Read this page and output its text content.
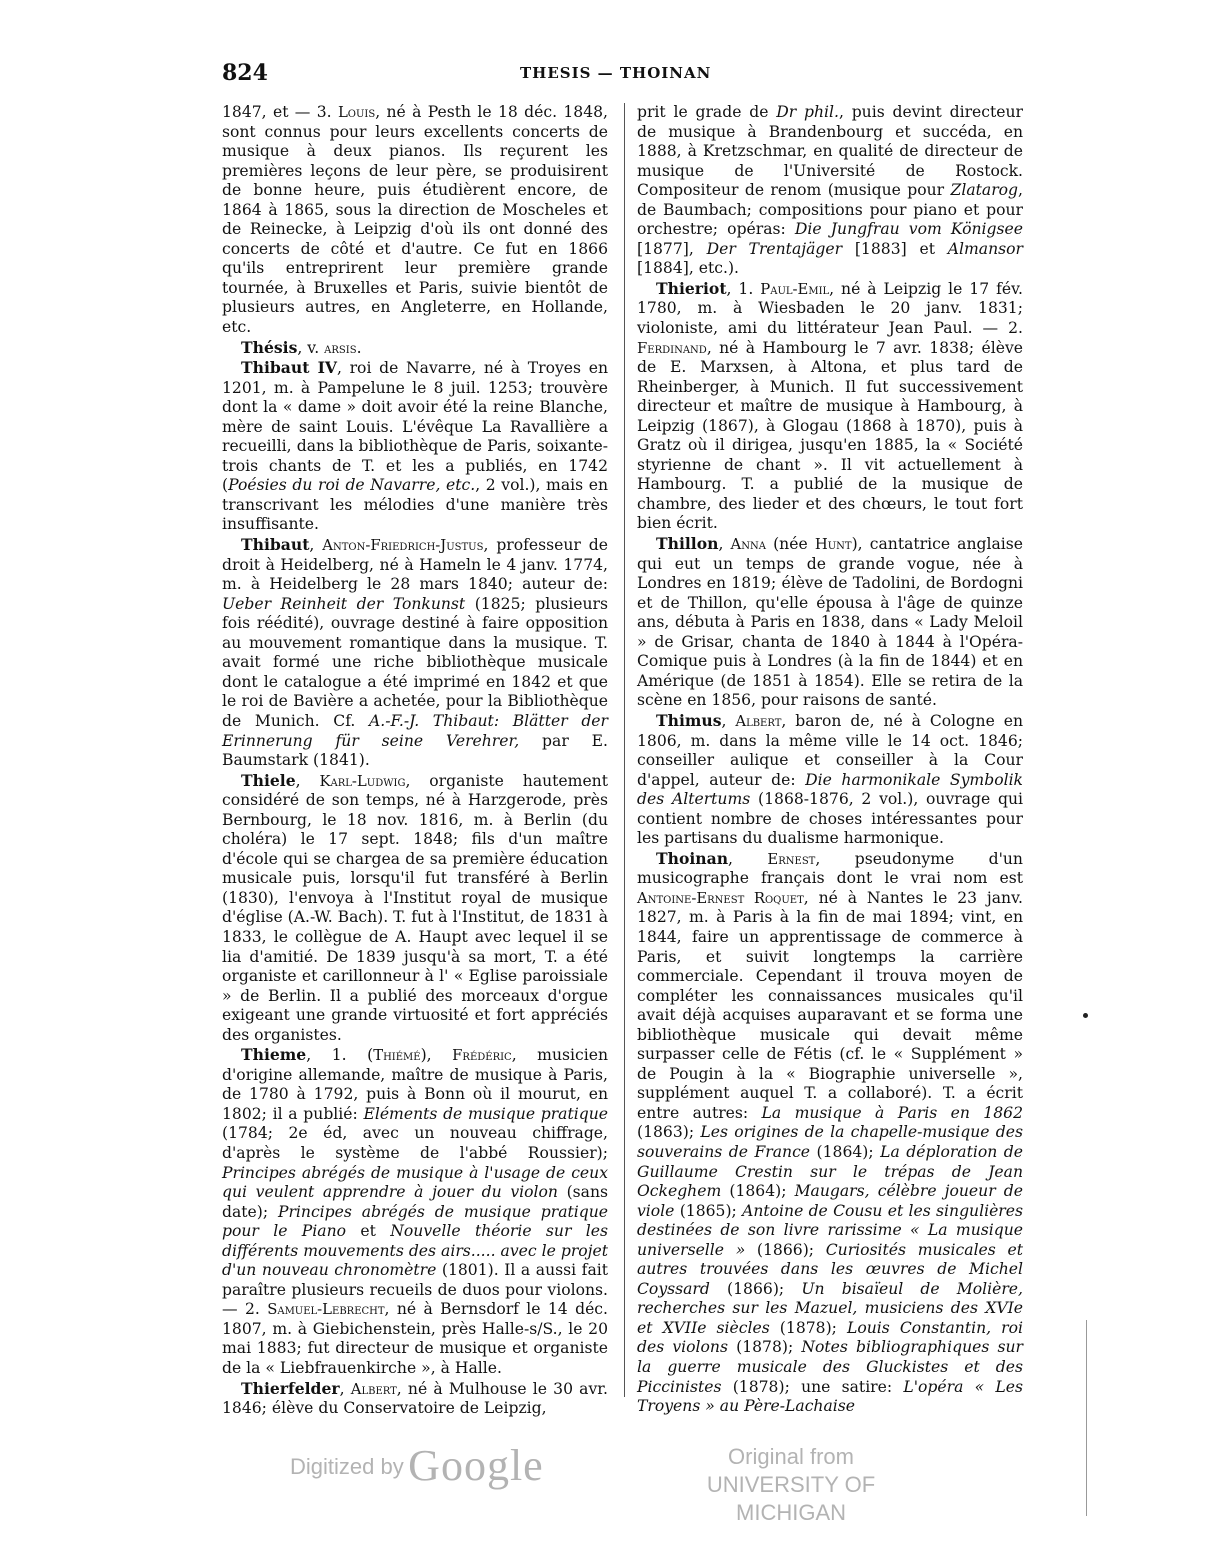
824	THESIS — THOINAN

1847, et — 3. Louis, né à Pesth le 18 déc. 1848, sont connus pour leurs excellents concerts de musique à deux pianos. Ils reçurent les premières leçons de leur père, se produisirent de bonne heure, puis étudièrent encore, de 1864 à 1865, sous la direction de Moscheles et de Reinecke, à Leipzig d'où ils ont donné des concerts de côté et d'autre. Ce fut en 1866 qu'ils entreprirent leur première grande tournée, à Bruxelles et Paris, suivie bientôt de plusieurs autres, en Angleterre, en Hollande, etc.

Thésis, v. arsis.

Thibaut IV, roi de Navarre, né à Troyes en 1201, m. à Pampelune le 8 juil. 1253; trouvère dont la « dame » doit avoir été la reine Blanche, mère de saint Louis. L'évêque La Ravallière a recueilli, dans la bibliothèque de Paris, soixante-trois chants de T. et les a publiés, en 1742 (Poésies du roi de Navarre, etc., 2 vol.), mais en transcrivant les mélodies d'une manière très insuffisante.

Thibaut, Anton-Friedrich-Justus, professeur de droit à Heidelberg, né à Hameln le 4 janv. 1774, m. à Heidelberg le 28 mars 1840; auteur de: Ueber Reinheit der Tonkunst (1825; plusieurs fois réédité), ouvrage destiné à faire opposition au mouvement romantique dans la musique. T. avait formé une riche bibliothèque musicale dont le catalogue a été imprimé en 1842 et que le roi de Bavière a achetée, pour la Bibliothèque de Munich. Cf. A.-F.-J. Thibaut: Blätter der Erinnerung für seine Verehrer, par E. Baumstark (1841).

Thiele, Karl-Ludwig, organiste hautement considéré de son temps, né à Harzgerode, près Bernbourg, le 18 nov. 1816, m. à Berlin (du choléra) le 17 sept. 1848; fils d'un maître d'école qui se chargea de sa première éducation musicale puis, lorsqu'il fut transféré à Berlin (1830), l'envoya à l'Institut royal de musique d'église (A.-W. Bach). T. fut à l'Institut, de 1831 à 1833, le collègue de A. Haupt avec lequel il se lia d'amitié. De 1839 jusqu'à sa mort, T. a été organiste et carillonneur à l' « Eglise paroissiale » de Berlin. Il a publié des morceaux d'orgue exigeant une grande virtuosité et fort appréciés des organistes.

Thieme, 1. (Thiémé), Frédéric, musicien d'origine allemande, maître de musique à Paris, de 1780 à 1792, puis à Bonn où il mourut, en 1802; il a publié: Eléments de musique pratique (1784; 2e éd, avec un nouveau chiffrage, d'après le système de l'abbé Roussier); Principes abrégés de musique à l'usage de ceux qui veulent apprendre à jouer du violon (sans date); Principes abrégés de musique pratique pour le Piano et Nouvelle théorie sur les différents mouvements des airs..... avec le projet d'un nouveau chronomètre (1801). Il a aussi fait paraître plusieurs recueils de duos pour violons. — 2. Samuel-Lebrecht, né à Bernsdorf le 14 déc. 1807, m. à Giebichenstein, près Halle-s/S., le 20 mai 1883; fut directeur de musique et organiste de la « Liebfrauenkirche », à Halle.

Thierfelder, Albert, né à Mulhouse le 30 avr. 1846; élève du Conservatoire de Leipzig,

prit le grade de Dr phil., puis devint directeur de musique à Brandenbourg et succéda, en 1888, à Kretzschmar, en qualité de directeur de musique de l'Université de Rostock. Compositeur de renom (musique pour Zlatarog, de Baumbach; compositions pour piano et pour orchestre; opéras: Die Jungfrau vom Königsee [1877], Der Trentajäger [1883] et Almansor [1884], etc.).

Thieriot, 1. Paul-Emil, né à Leipzig le 17 fév. 1780, m. à Wiesbaden le 20 janv. 1831; violoniste, ami du littérateur Jean Paul. — 2. Ferdinand, né à Hambourg le 7 avr. 1838; élève de E. Marxsen, à Altona, et plus tard de Rheinberger, à Munich. Il fut successivement directeur et maître de musique à Hambourg, à Leipzig (1867), à Glogau (1868 à 1870), puis à Gratz où il dirigea, jusqu'en 1885, la « Société styrienne de chant ». Il vit actuellement à Hambourg. T. a publié de la musique de chambre, des lieder et des chœurs, le tout fort bien écrit.

Thillon, Anna (née Hunt), cantatrice anglaise qui eut un temps de grande vogue, née à Londres en 1819; élève de Tadolini, de Bordogni et de Thillon, qu'elle épousa à l'âge de quinze ans, débuta à Paris en 1838, dans « Lady Meloil » de Grisar, chanta de 1840 à 1844 à l'Opéra-Comique puis à Londres (à la fin de 1844) et en Amérique (de 1851 à 1854). Elle se retira de la scène en 1856, pour raisons de santé.

Thimus, Albert, baron de, né à Cologne en 1806, m. dans la même ville le 14 oct. 1846; conseiller aulique et conseiller à la Cour d'appel, auteur de: Die harmonikale Symbolik des Altertums (1868-1876, 2 vol.), ouvrage qui contient nombre de choses intéressantes pour les partisans du dualisme harmonique.

Thoinan, Ernest, pseudonyme d'un musicographe français dont le vrai nom est Antoine-Ernest Roquet, né à Nantes le 23 janv. 1827, m. à Paris à la fin de mai 1894; vint, en 1844, faire un apprentissage de commerce à Paris, et suivit longtemps la carrière commerciale. Cependant il trouva moyen de compléter les connaissances musicales qu'il avait déjà acquises auparavant et se forma une bibliothèque musicale qui devait même surpasser celle de Fétis (cf. le « Supplément » de Pougin à la « Biographie universelle », supplément auquel T. a collaboré). T. a écrit entre autres: La musique à Paris en 1862 (1863); Les origines de la chapelle-musique des souverains de France (1864); La déploration de Guillaume Crestin sur le trépas de Jean Ockeghem (1864); Maugars, célèbre joueur de viole (1865); Antoine de Cousu et les singulières destinées de son livre rarissime « La musique universelle » (1866); Curiosités musicales et autres trouvées dans les œuvres de Michel Coyssard (1866); Un bisaïeul de Molière, recherches sur les Mazuel, musiciens des XVIe et XVIIe siècles (1878); Louis Constantin, roi des violons (1878); Notes bibliographiques sur la guerre musicale des Gluckistes et des Piccinistes (1878); une satire: L'opéra « Les Troyens » au Père-Lachaise

Digitized by Google	Original from
UNIVERSITY OF MICHIGAN
